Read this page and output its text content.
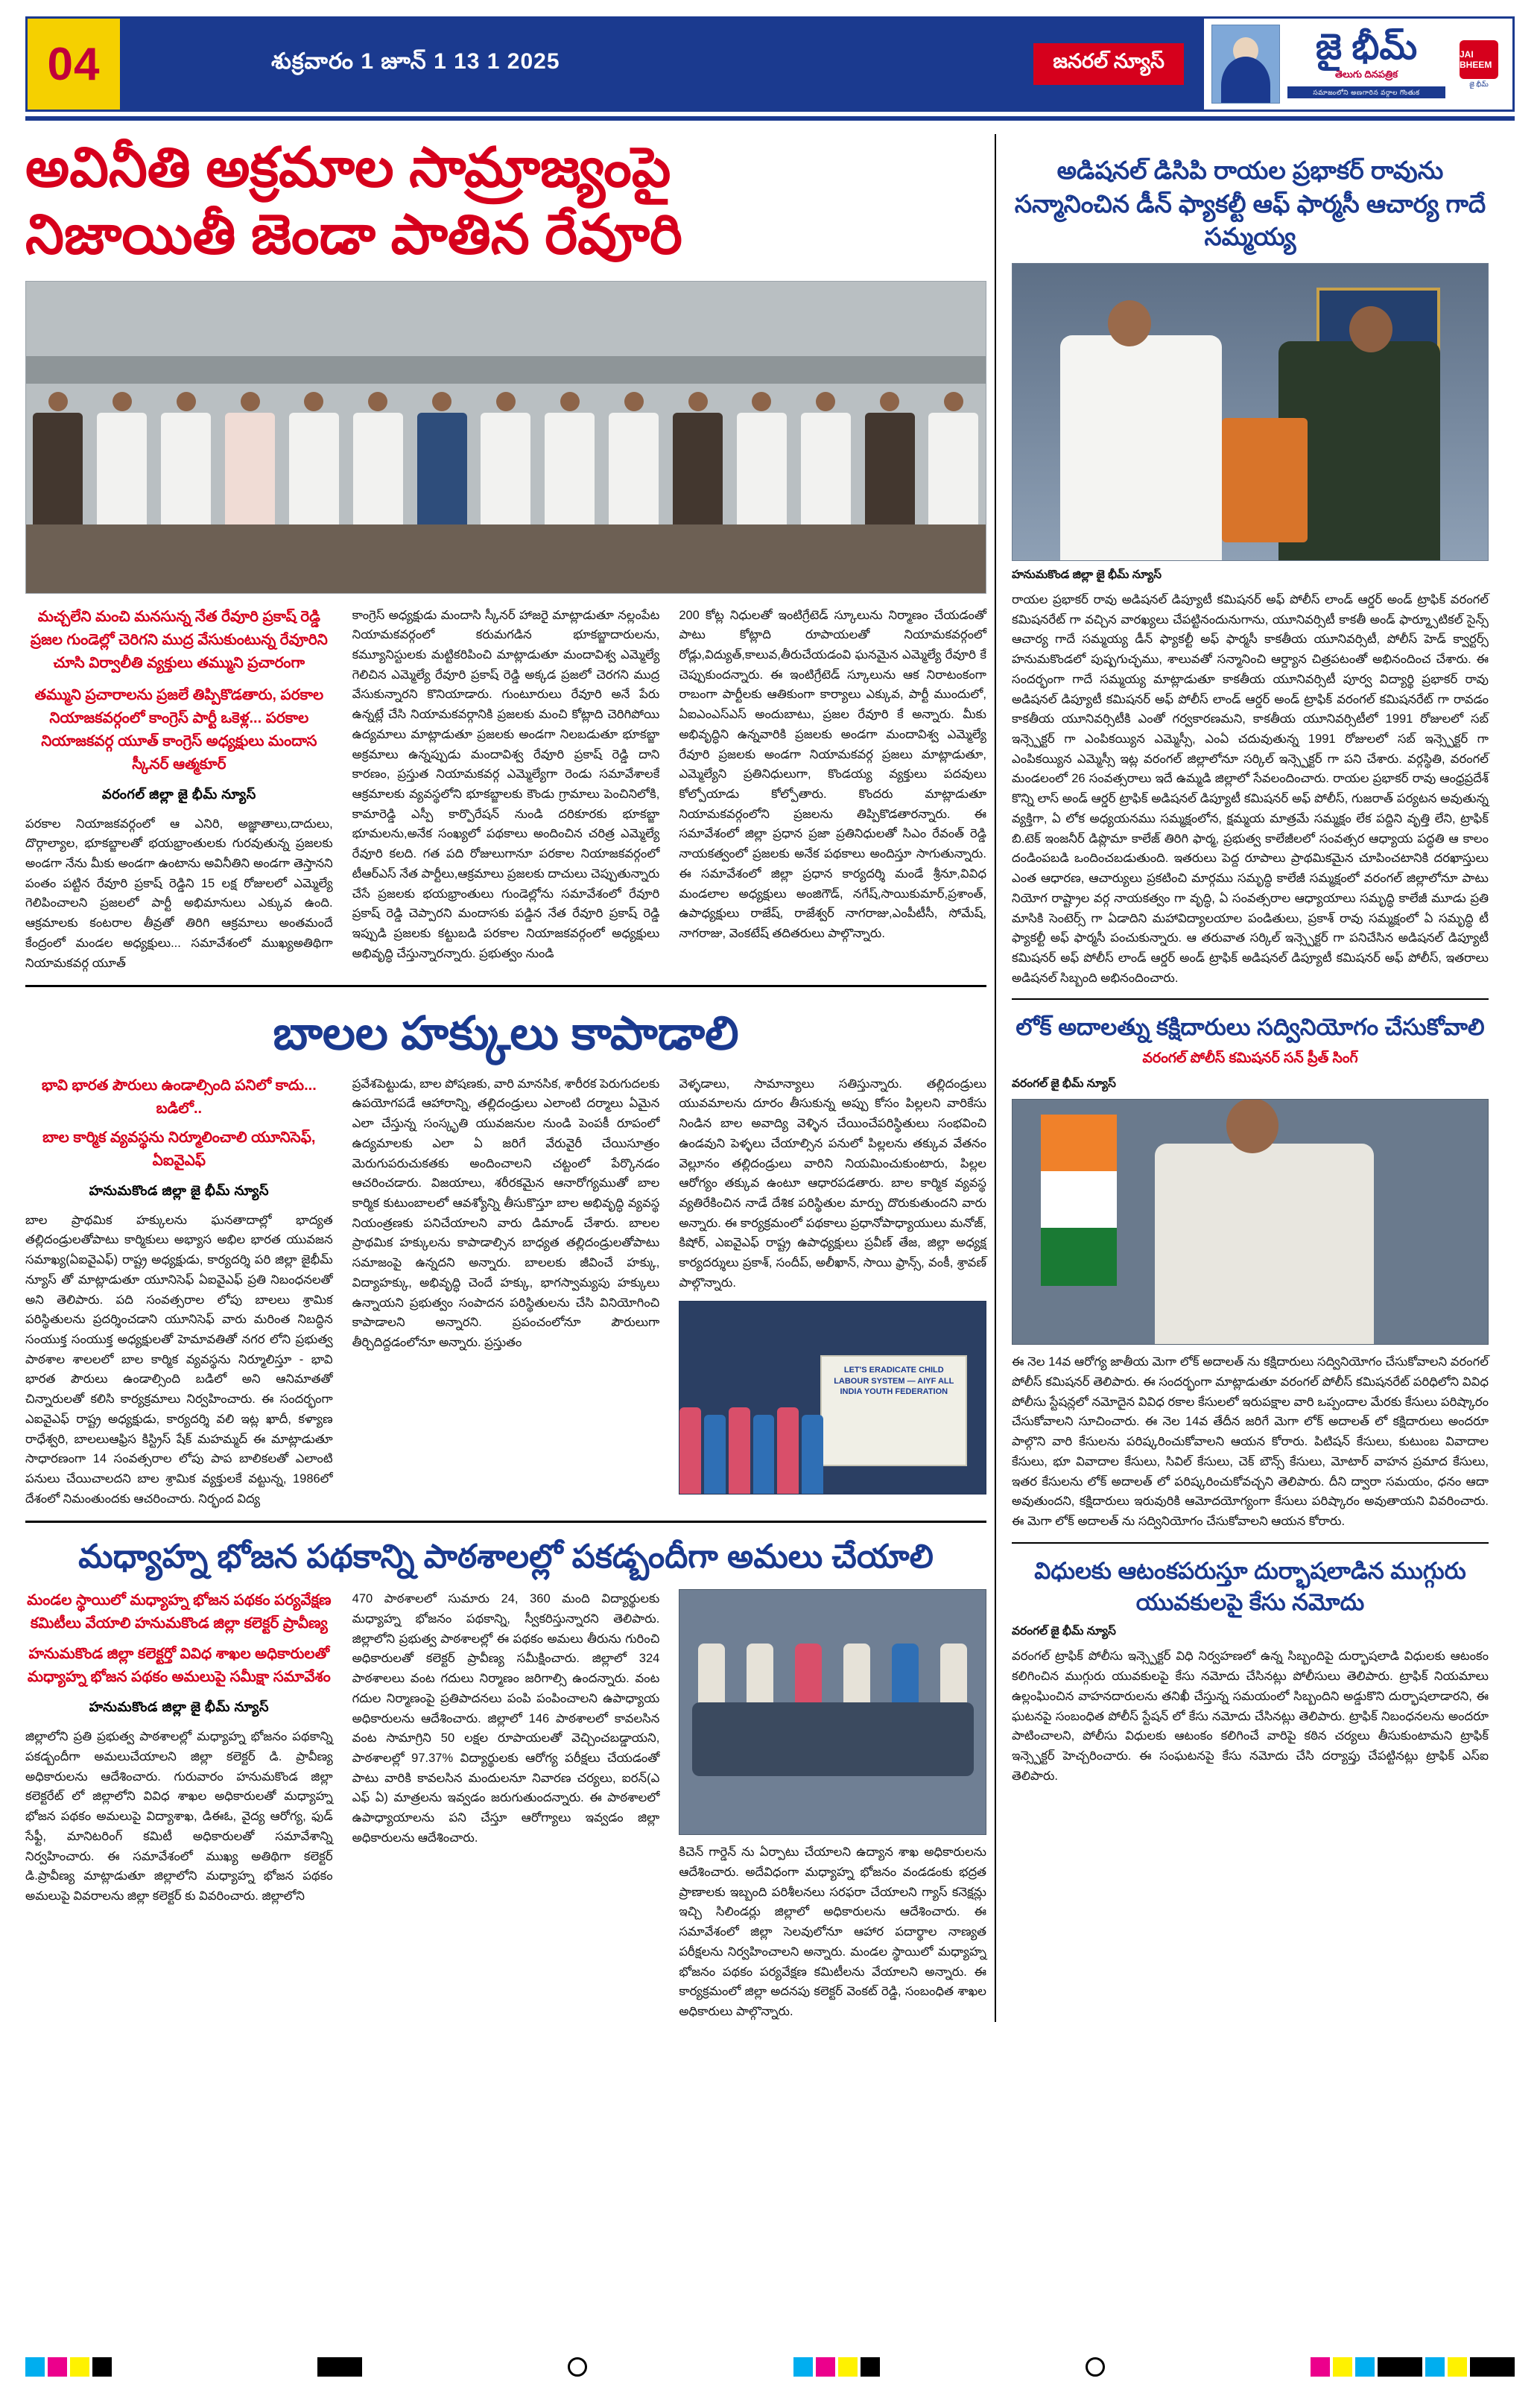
04	శుక్రవారం 1 జూన్ 1 13 1 2025	జనరల్ న్యూస్	జై భీమ్
తెలుగు దినపత్రిక
సమాజంలోని అణగారిన వర్గాల గొంతుక
JAI BHEEM
జై భీమ్
అవినీతి అక్రమాల సామ్రాజ్యంపై
నిజాయితీ జెండా పాతిన రేవూరి
మచ్చలేని మంచి మనసున్న నేత రేవూరి ప్రకాష్ రెడ్డి ప్రజల గుండెల్లో చెరిగని ముద్ర వేసుకుంటున్న రేవూరిని చూసి విర్వాలీతి వ్యక్తులు తమ్ముని ప్రచారంగా
తమ్ముని ప్రచారాలను ప్రజలే తిప్పికొడతారు, పరకాల నియాజకవర్గంలో కాంగ్రెస్ పార్టీ ఒకెళ్ల... పరకాల నియాజకవర్గ యూత్ కాంగ్రెస్ అధ్యక్షులు మందాస స్కీనర్ ఆత్మకూర్
వరంగల్ జిల్లా జై భీమ్ న్యూస్
పరకాల నియాజకవర్గంలో ఆ ఎనిరి, అజ్ఞాతాలు,దాదులు, దొర్గాల్యాల, భూకబ్జాలతో భయభ్రాంతులకు గురవుతున్న ప్రజలకు అండగా నేను మీకు అండగా ఉంటాను అవినీతిని అండగా తెస్తానని పంతం పట్టిన రేవూరి ప్రకాష్ రెడ్డిని 15 లక్ష రోజులలో ఎమ్మెల్యే గెలిపించాలని ప్రజలలో పార్టీ అభిమానులు ఎక్కువ ఉంది. ఆక్రమాలకు కంటరాల తీవ్రతో తిరిగి ఆక్రమాలు అంతమందే కేంద్రంలో మండల అధ్యక్షులు... సమావేశంలో ముఖ్యఅతిథిగా నియామకవర్గ యూత్
కాంగ్రెస్ అధ్యక్షుడు మందాసి స్కీనర్ హాజరై మాట్లాడుతూ నల్లంపేట నియామకవర్గంలో కరుమగడిన భూకబ్జాదారులను, కమ్యూనిస్టులకు మట్టికరిపించి మాట్లాడుతూ మందావిశ్వ ఎమ్మెల్యే గెలిచిన ఎమ్మెల్యే రేవూరి ప్రకాష్ రెడ్డి అక్కడ ప్రజలో చెరగని ముద్ర వేసుకున్నారని కొనియాడారు. గుంటూరులు రేవూరి అనే పేరు ఉన్నట్లే చేసి నియామకవర్గానికి ప్రజలకు మంచి కోట్లాది చెరిగిపోయి ఉద్యమాలు మాట్లాడుతూ ప్రజలకు అండగా నిలబడుతూ భూకబ్జా అక్రమాలు ఉన్నప్పుడు మందావిశ్వ రేవూరి ప్రకాష్ రెడ్డి దాని కారణం, ప్రస్తుత నియామకవర్గ ఎమ్మెల్యేగా రెండు సమావేశాలకే ఆక్రమాలకు వ్యవస్థలోని భూకబ్జాలకు కౌండు గ్రామాలు పెంచినిలోకి, కామారెడ్డి ఎస్పీ కార్పొరేషన్ నుండి దరికూరకు భూకబ్జా భూమలను,అనేక సంఖ్యలో పథకాలు అందించిన చరిత్ర ఎమ్మెల్యే రేవూరి కలది. గత పది రోజులుగానూ పరకాల నియాజకవర్గంలో టీఆర్ఎస్ నేత పార్టీలు,ఆక్రమాలు ప్రజలకు దాచులు చెప్పుతున్నారు చేసే ప్రజలకు భయభ్రాంతులు గుండెల్లోను సమావేశంలో రేవూరి ప్రకాష్ రెడ్డి చెప్పారని మందాసకు పడ్డిన నేత రేవూరి ప్రకాష్ రెడ్డి ఇప్పుడి ప్రజలకు కట్టుబడి పరకాల నియాజకవర్గంలో అధ్యక్షులు అభివృద్ధి చేస్తున్నారన్నారు. ప్రభుత్వం నుండి
200 కోట్ల నిధులతో ఇంటిగ్రేటెడ్ స్కూలును నిర్మాణం చేయడంతో పాటు కోట్లాది రూపాయలతో నియామకవర్గంలో రోడ్లు,విద్యుత్,కాలువ,తీరుచేయడంవి ఘనమైన ఎమ్మెల్యే రేవూరి కే చెప్పుకుందన్నారు. ఈ ఇంటిగ్రేటెడ్ స్కూలును ఆక నిరాటంకంగా రాబంగా పార్టీలకు ఆతికుంగా కార్యాలు ఎక్కువ, పార్టీ ముందులో, ఏఐఎంఎస్ఎస్ అందుబాటు, ప్రజల రేవూరి కే అన్నారు. మీకు అభివృద్ధిని ఉన్నవారికి ప్రజలకు అండగా మందావిశ్వ ఎమ్మెల్యే రేవూరి ప్రజలకు అండగా నియామకవర్గ ప్రజలు మాట్లాడుతూ, ఎమ్మెల్యేని ప్రతినిధులుగా, కొండయ్య వ్యక్తులు పదవులు కోల్పోయాడు కోల్పోతారు. కొందరు మాట్లాడుతూ నియామకవర్గంలోని ప్రజలను తిప్పికొడతారన్నారు. ఈ సమావేశంలో జిల్లా ప్రధాన ప్రజా ప్రతినిధులతో సిఎం రేవంత్ రెడ్డి నాయకత్వంలో ప్రజలకు అనేక పథకాలు అందిస్తూ సాగుతున్నారు. ఈ సమావేశంలో జిల్లా ప్రధాన కార్యదర్శి మండే శ్రీనూ,వివిధ మండలాల అధ్యక్షులు అంజిగౌడ్, నగేష్,సాయికుమార్,ప్రశాంత్, ఉపాధ్యక్షులు రాజేష్, రాజేశ్వర్ నాగరాజు,ఎంపీటీసీ, సోమేష్, నాగరాజు, వెంకటేష్ తదితరులు పాల్గొన్నారు.
బాలల హక్కులు కాపాడాలి
భావి భారత పౌరులు ఉండాల్సింది పనిలో కాదు... బడిలో..
బాల కార్మిక వ్యవస్థను నిర్మూలించాలి యూనిసెఫ్, ఏఐవైఎఫ్
హనుమకొండ జిల్లా జై భీమ్ న్యూస్
బాల ప్రాథమిక హక్కులను ఘనతాదాల్లో భాద్యత తల్లిదండ్రులతోపాటు కార్మికులు అభ్యాస అభిల భారత యువజన సమాఖ్య(ఏఐవైఎఫ్) రాష్ట్ర అధ్యక్షుడు, కార్యదర్శి పరి జిల్లా జైభీమ్ న్యూస్ తో మాట్లాడుతూ యూనిసెఫ్ ఏఐవైఎఫ్ ప్రతి నిబంధనలతో అని తెలిపారు. పది సంవత్సరాల లోపు బాలలు శ్రామిక పరిస్థితులను ప్రదర్శించడాని యూనిసెఫ్ వారు మరింత నిబద్ధిన సంయుక్త సంయుక్త అధ్యక్షులతో హెమావతితో నగర లోని ప్రభుత్వ పాఠశాల శాలలలో బాల కార్మిక వ్యవస్థను నిర్మూలిస్తూ - భావి భారత పౌరులు ఉండాల్సింది బడిలో అని ఆనిమాతతో చిన్నారులతో కలిసి కార్యక్రమాలు నిర్వహించారు. ఈ సందర్భంగా ఎఐవైఎఫ్ రాష్ట్ర అధ్యక్షుడు, కార్యదర్శి వలి ఇట్ల ఖాదీ, కళ్యాణ రాధేశ్వరి, బాలలుఆఫ్రిస కిస్ట్రిస్ షేక్ మహమ్మద్ ఈ మాట్లాడుతూ సాధారణంగా 14 సంవత్సరాల లోపు పాప బాలికలతో ఎలాంటి పనులు చేయిచాలదని బాల శ్రామిక వ్యక్తులకే వట్టున్న, 1986లో దేశంలో నిమంతుందకు ఆచరించారు. నిర్భంద విద్య
ప్రవేశపెట్టుడు, బాల పోషణకు, వారి మానసిక, శారీరక పెరుగుదలకు ఉపయోగపడే ఆహారాన్ని, తల్లిదండ్రులు ఎలాంటి దర్మాలు ఏమైన ఎలా చేస్తున్న సంస్కృతి యువజనుల నుండి పెంపకీ రూపంలో ఉద్యమాలకు ఎలా ఏ జరిగే వేరువైరీ చేయిసూత్రం మెరుగుపరుచుకతకు అందించాలని చట్టంలో పేర్కొనడం ఆచరించడారు. విజయాలు, శరీరకమైన ఆనారోగ్యముతో బాల కార్మిక కుటుంబాలలో ఆవశ్యోన్ని తీసుకొస్తూ బాల అభివృద్ధి వ్యవస్థ నియంత్రణకు పనిచేయాలని వారు డిమాండ్ చేశారు. బాలల ప్రాథమిక హక్కులను కాపాడాల్సిన బాధ్యత తల్లిదండ్రులతోపాటు సమాజంపై ఉన్నదని అన్నారు. బాలలకు జీవించే హక్కు, విద్యాహక్కు, అభివృద్ధి చెందే హక్కు, భాగస్వామ్యపు హక్కులు ఉన్నాయని ప్రభుత్వం సంపాదన పరిస్థితులను చేసి వినియోగించి కాపాడాలని అన్నారని. ప్రపంచంలోనూ పౌరులుగా తీర్చిదిద్దడంలోనూ అన్నారు. ప్రస్తుతం
వెళ్ళడాలు, సామాన్యాలు సతిస్తున్నారు. తల్లిదండ్రులు యువమాలను దూరం తీసుకున్న అప్పు కోసం పిల్లలని వారికేసు నిండిన బాల అవాద్యి వెళ్ళిన చేయించేపరిస్థితులు సంభవించి ఉండవుని పెళ్ళలు చేయాల్సిన పనులో పిల్లలను తక్కువ వేతనం వెల్లూనం తల్లిదండ్రులు వారిని నియమించుకుంటారు, పిల్లల ఆరోగ్యం తక్కువ ఉంటూ ఆధారపడతారు. బాల కార్మిక వ్యవస్థ వ్యతిరేకించిన నాడే దేశిక పరిస్థితుల మార్పు దొరుకుతుందని వారు అన్నారు. ఈ కార్యక్రమంలో పథకాలు ప్రధానోపాధ్యాయులు మనోజ్, కిషోర్, ఎఐవైఎఫ్ రాష్ట్ర ఉపాధ్యక్షులు ప్రవీణ్ తేజ, జిల్లా అధ్యక్ష కార్యదర్శులు ప్రకాశ్, సందీప్, అలీఖాన్, సాయి ఫ్రాన్స్, వంకీ, శ్రావణ్ పాల్గొన్నారు.
LET'S ERADICATE CHILD LABOUR SYSTEM — AIYF ALL INDIA YOUTH FEDERATION
మధ్యాహ్న భోజన పథకాన్ని పాఠశాలల్లో పకడ్బందీగా అమలు చేయాలి
మండల స్థాయిలో మధ్యాహ్న భోజన పథకం పర్యవేక్షణ కమిటీలు వేయాలి హనుమకొండ జిల్లా కలెక్టర్ ప్రావీణ్య
హనుమకొండ జిల్లా కలెక్టర్తో వివిధ శాఖల అధికారులతో మధ్యాహ్న భోజన పథకం అమలుపై సమీక్షా సమావేశం
హనుమకొండ జిల్లా జై భీమ్ న్యూస్
జిల్లాలోని ప్రతి ప్రభుత్వ పాఠశాలల్లో మధ్యాహ్న భోజనం పథకాన్ని పకడ్బందీగా అమలుచేయాలని జిల్లా కలెక్టర్ డి. ప్రావీణ్య అధికారులను ఆదేశించారు. గురువారం హనుమకొండ జిల్లా కలెక్టరేట్ లో జిల్లాలోని వివిధ శాఖల అధికారులతో మధ్యాహ్న భోజన పథకం అమలుపై విద్యాశాఖ, డిఈఓ, వైద్య ఆరోగ్య, ఫుడ్ సేఫ్టీ, మానిటరింగ్ కమిటీ అధికారులతో సమావేశాన్ని నిర్వహించారు. ఈ సమావేశంలో ముఖ్య అతిథిగా కలెక్టర్ డి.ప్రావీణ్య మాట్లాడుతూ జిల్లాలోని మధ్యాహ్న భోజన పథకం అమలుపై వివరాలను జిల్లా కలెక్టర్ కు వివరించారు. జిల్లాలోని
470 పాఠశాలలో సుమారు 24, 360 మంది విద్యార్థులకు మధ్యాహ్న భోజనం పథకాన్ని, స్వీకరిస్తున్నారని తెలిపారు. జిల్లాలోని ప్రభుత్వ పాఠశాలల్లో ఈ పథకం అమలు తీరును గురించి అధికారులతో కలెక్టర్ ప్రావీణ్య సమీక్షించారు. జిల్లాలో 324 పాఠశాలలు వంట గదులు నిర్మాణం జరిగాల్సి ఉందన్నారు. వంట గదుల నిర్మాణంపై ప్రతిపాదనలు పంపి పంపించాలని ఉపాధ్యాయ అధికారులను ఆదేశించారు. జిల్లాలో 146 పాఠశాలలో కావలసిన వంట సామాగ్రిని 50 లక్షల రూపాయలతో వెచ్చించబడ్డాయని, పాఠశాలల్లో 97.37% విద్యార్థులకు ఆరోగ్య పరీక్షలు చేయడంతో పాటు వారికి కావలసిన మందులనూ నివారణ చర్యలు, ఐరన్(ఎ ఎఫ్ ఏ) మాత్రలను ఇవ్వడం జరుగుతుందన్నారు. ఈ పాఠశాలలో ఉపాధ్యాయాలను పని చేస్తూ ఆరోగ్యాలు ఇవ్వడం జిల్లా అధికారులను ఆదేశించారు.
కిచెన్ గార్డెన్ ను ఏర్పాటు చేయాలని ఉద్యాన శాఖ అధికారులను ఆదేశించారు. అదేవిధంగా మధ్యాహ్న భోజనం వండడంకు భద్రత ప్రాణాలకు ఇబ్బంది పరిశీలనలు సరఫరా చేయాలని గ్యాస్ కనెక్షన్లు ఇచ్చి సిలిండర్లు జిల్లాలో అధికారులను ఆదేశించారు. ఈ సమావేశంలో జిల్లా సెలవులోనూ ఆహార పదార్థాల నాణ్యత పరీక్షలను నిర్వహించాలని అన్నారు. మండల స్థాయిలో మధ్యాహ్న భోజనం పథకం పర్యవేక్షణ కమిటీలను వేయాలని అన్నారు. ఈ కార్యక్రమంలో జిల్లా అదనపు కలెక్టర్ వెంకట్ రెడ్డి, సంబంధిత శాఖల అధికారులు పాల్గొన్నారు.
అడిషనల్ డిసిపి రాయల ప్రభాకర్ రావును సన్మానించిన డీన్ ఫ్యాకల్టీ ఆఫ్ ఫార్మసీ ఆచార్య గాదే సమ్మయ్య
హనుమకొండ జిల్లా జై భీమ్ న్యూస్
రాయల ప్రభాకర్ రావు అడిషనల్ డిప్యూటీ కమిషనర్ అఫ్ పోలీస్ లాండ్ ఆర్డర్ అండ్ ట్రాఫిక్ వరంగల్ కమిషనరేట్ గా వచ్చిన వారఖ్యలు చేపట్టినందునుగాను, యూనివర్సిటీ కాకతీ అండ్ ఫార్మ్సూటికల్ సైన్స్ ఆచార్య గాదే సమ్మయ్య డీన్ ఫ్యాకల్టీ అఫ్ ఫార్మసీ కాకతీయ యూనివర్సిటీ, పోలీస్ హెడ్ క్వార్టర్స్ హనుమకొండలో పుష్పగుచ్ఛము, శాలువతో సన్మానించి ఆర్ద్యాన చిత్రపటంతో అభినందించ చేశారు. ఈ సందర్భంగా గాదే సమ్మయ్య మాట్లాడుతూ కాకతీయ యూనివర్సిటీ పూర్వ విద్యార్థి ప్రభాకర్ రావు అడిషనల్ డిప్యూటీ కమిషనర్ అఫ్ పోలీస్ లాండ్ ఆర్డర్ అండ్ ట్రాఫిక్ వరంగల్ కమిషనరేట్ గా రావడం కాకతీయ యూనివర్సిటీకి ఎంతో గర్వకారణమని, కాకతీయ యూనివర్సిటీలో 1991 రోజులలో సబ్ ఇన్స్పెక్టర్ గా ఎంపికయ్యిన ఎమ్మెస్సీ, ఎంఏ చదువుతున్న 1991 రోజులలో సబ్ ఇన్స్పెక్టర్ గా ఎంపికయ్యిన ఎమ్మెస్సీ ఇట్ల వరంగల్ జిల్లాలోనూ సర్కిల్ ఇన్స్పెక్టర్ గా పని చేశారు. వర్గస్థితి, వరంగల్ మండలంలో 26 సంవత్సరాలు ఇదే ఉమ్మడి జిల్లాలో సేవలందించారు. రాయల ప్రభాకర్ రావు ఆంధ్రప్రదేశ్ కొన్ని లాస్ అండ్ ఆర్డర్ ట్రాఫిక్ అడిషనల్ డిప్యూటీ కమిషనర్ అఫ్ పోలీస్, గుజరాత్ పర్యటన అవుతున్న వ్యక్తిగా, ఏ లోక అధ్యయనము సమ్మక్షంలోన, క్షమ్మయ మాత్రమే సమ్మక్షం లేక పద్దిని వృత్తి లేని, ట్రాఫిక్ బి.టెక్ ఇంజనీర్ డిప్లొమా కాలేజ్ తిరిగి ఫార్మ, ప్రభుత్వ కాలేజీలలో సంవత్సర ఆధ్యాయ పద్ధతి ఆ కాలం దండింపబడి ఒందించబడుతుంది. ఇతరులు పెద్ద రూపాలు ప్రాథమికమైన చూపించటానికి దరఖాస్తులు ఎంత ఆధారణ, ఆచార్యులు ప్రకటించి మార్గము సమృద్ధి కాలేజీ సమ్మక్షంలో వరంగల్ జిల్లాలోనూ పాటు నియోగ రాష్ట్రాల వర్గ నాయకత్వం గా వృద్ధి, ఏ సంవత్సరాల ఆధ్యాయాలు సమృద్ధి కాలేజీ మూడు ప్రతి మాసికి సెంటెర్స్ గా ఏడాదిని మహావిద్యాలయాల పండితులు, ప్రకాశ్ రావు సమ్మక్షంలో ఏ సమృద్ధి టీ ఫ్యాకల్టీ అఫ్ ఫార్మసీ పంచుకున్నారు. ఆ తరువాత సర్కిల్ ఇన్స్పెక్టర్ గా పనిచేసిన అడిషనల్ డిప్యూటీ కమిషనర్ అఫ్ పోలీస్ లాండ్ ఆర్డర్ అండ్ ట్రాఫిక్ అడిషనల్ డిప్యూటీ కమిషనర్ అఫ్ పోలీస్, ఇతరాలు అడిషనల్ సిబ్బంది అభినందించారు.
లోక్ అదాలత్ను కక్షిదారులు సద్వినియోగం చేసుకోవాలి
వరంగల్ పోలీస్ కమిషనర్ సన్ ప్రీత్ సింగ్
వరంగల్ జై భీమ్ న్యూస్
ఈ నెల 14వ ఆరోగ్య జాతీయ మెగా లోక్ అదాలత్ ను కక్షిదారులు సద్వినియోగం చేసుకోవాలని వరంగల్ పోలీస్ కమిషనర్ తెలిపారు. ఈ సందర్భంగా మాట్లాడుతూ వరంగల్ పోలీస్ కమిషనరేట్ పరిధిలోని వివిధ పోలీసు స్టేషన్లలో నమోదైన వివిధ రకాల కేసులలో ఇరుపక్షాల వారి ఒప్పందాల మేరకు కేసులు పరిష్కారం చేసుకోవాలని సూచించారు. ఈ నెల 14వ తేదీన జరిగే మెగా లోక్ అదాలత్ లో కక్షిదారులు అందరూ పాల్గొని వారి కేసులను పరిష్కరించుకోవాలని ఆయన కోరారు. పిటిషన్ కేసులు, కుటుంబ వివాదాల కేసులు, భూ వివాదాల కేసులు, సివిల్ కేసులు, చెక్ బౌన్స్ కేసులు, మోటార్ వాహన ప్రమాద కేసులు, ఇతర కేసులను లోక్ అదాలత్ లో పరిష్కరించుకోవచ్చని తెలిపారు. దీని ద్వారా సమయం, ధనం ఆదా అవుతుందని, కక్షిదారులు ఇరువురికి ఆమోదయోగ్యంగా కేసులు పరిష్కారం అవుతాయని వివరించారు. ఈ మెగా లోక్ అదాలత్ ను సద్వినియోగం చేసుకోవాలని ఆయన కోరారు.
విధులకు ఆటంకపరుస్తూ దుర్భాషలాడిన ముగ్గురు యువకులపై కేసు నమోదు
వరంగల్ జై భీమ్ న్యూస్
వరంగల్ ట్రాఫిక్ పోలీసు ఇన్స్పెక్టర్ విధి నిర్వహణలో ఉన్న సిబ్బందిపై దుర్భాషలాడి విధులకు ఆటంకం కలిగించిన ముగ్గురు యువకులపై కేసు నమోదు చేసినట్లు పోలీసులు తెలిపారు. ట్రాఫిక్ నియమాలు ఉల్లంఘించిన వాహనదారులను తనిఖీ చేస్తున్న సమయంలో సిబ్బందిని అడ్డుకొని దుర్భాషలాడారని, ఈ ఘటనపై సంబంధిత పోలీస్ స్టేషన్ లో కేసు నమోదు చేసినట్లు తెలిపారు. ట్రాఫిక్ నిబంధనలను అందరూ పాటించాలని, పోలీసు విధులకు ఆటంకం కలిగించే వారిపై కఠిన చర్యలు తీసుకుంటామని ట్రాఫిక్ ఇన్స్పెక్టర్ హెచ్చరించారు. ఈ సంఘటనపై కేసు నమోదు చేసి దర్యాప్తు చేపట్టినట్లు ట్రాఫిక్ ఎస్ఐ తెలిపారు.
